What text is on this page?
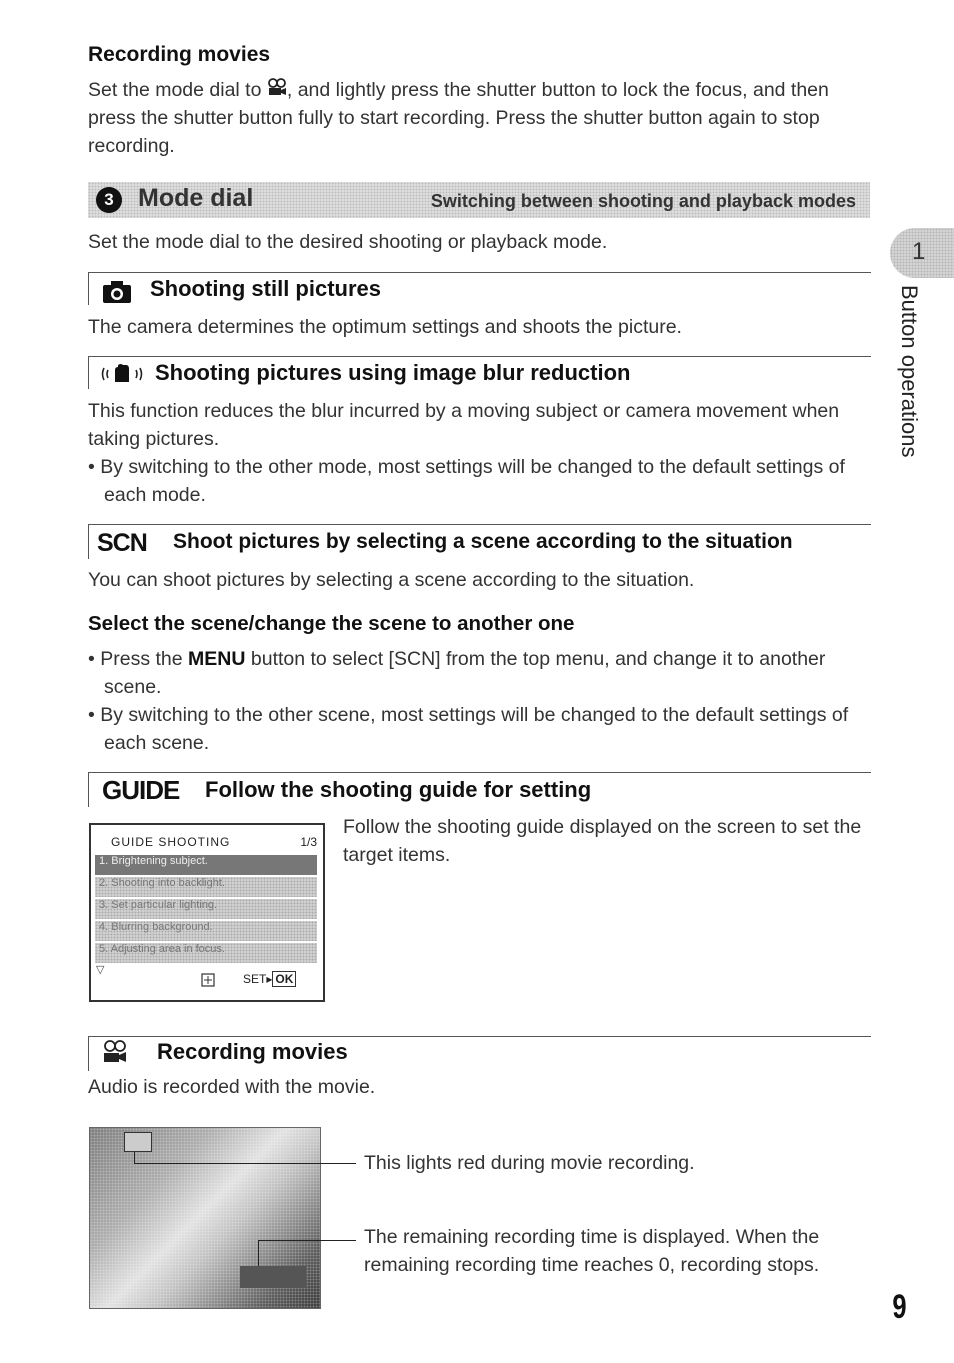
Recording movies
Set the mode dial to , and lightly press the shutter button to lock the focus, and then press the shutter button fully to start recording. Press the shutter button again to stop recording.
3 Mode dial	Switching between shooting and playback modes
Set the mode dial to the desired shooting or playback mode.	1
Button operations
Shooting still pictures
The camera determines the optimum settings and shoots the picture.
Shooting pictures using image blur reduction
This function reduces the blur incurred by a moving subject or camera movement when taking pictures.
• By switching to the other mode, most settings will be changed to the default settings of each mode.
SCN Shoot pictures by selecting a scene according to the situation
You can shoot pictures by selecting a scene according to the situation.
Select the scene/change the scene to another one
• Press the MENU button to select [SCN] from the top menu, and change it to another scene.
• By switching to the other scene, most settings will be changed to the default settings of each scene.
GUIDE Follow the shooting guide for setting
GUIDE SHOOTING	1/3
1. Brightening subject.
2. Shooting into backlight.
3. Set particular lighting.
4. Blurring background.
5. Adjusting area in focus.
▽
SET▸ OK
Follow the shooting guide displayed on the screen to set the target items.
Recording movies
Audio is recorded with the movie.
This lights red during movie recording.
The remaining recording time is displayed. When the remaining recording time reaches 0, recording stops.
9
